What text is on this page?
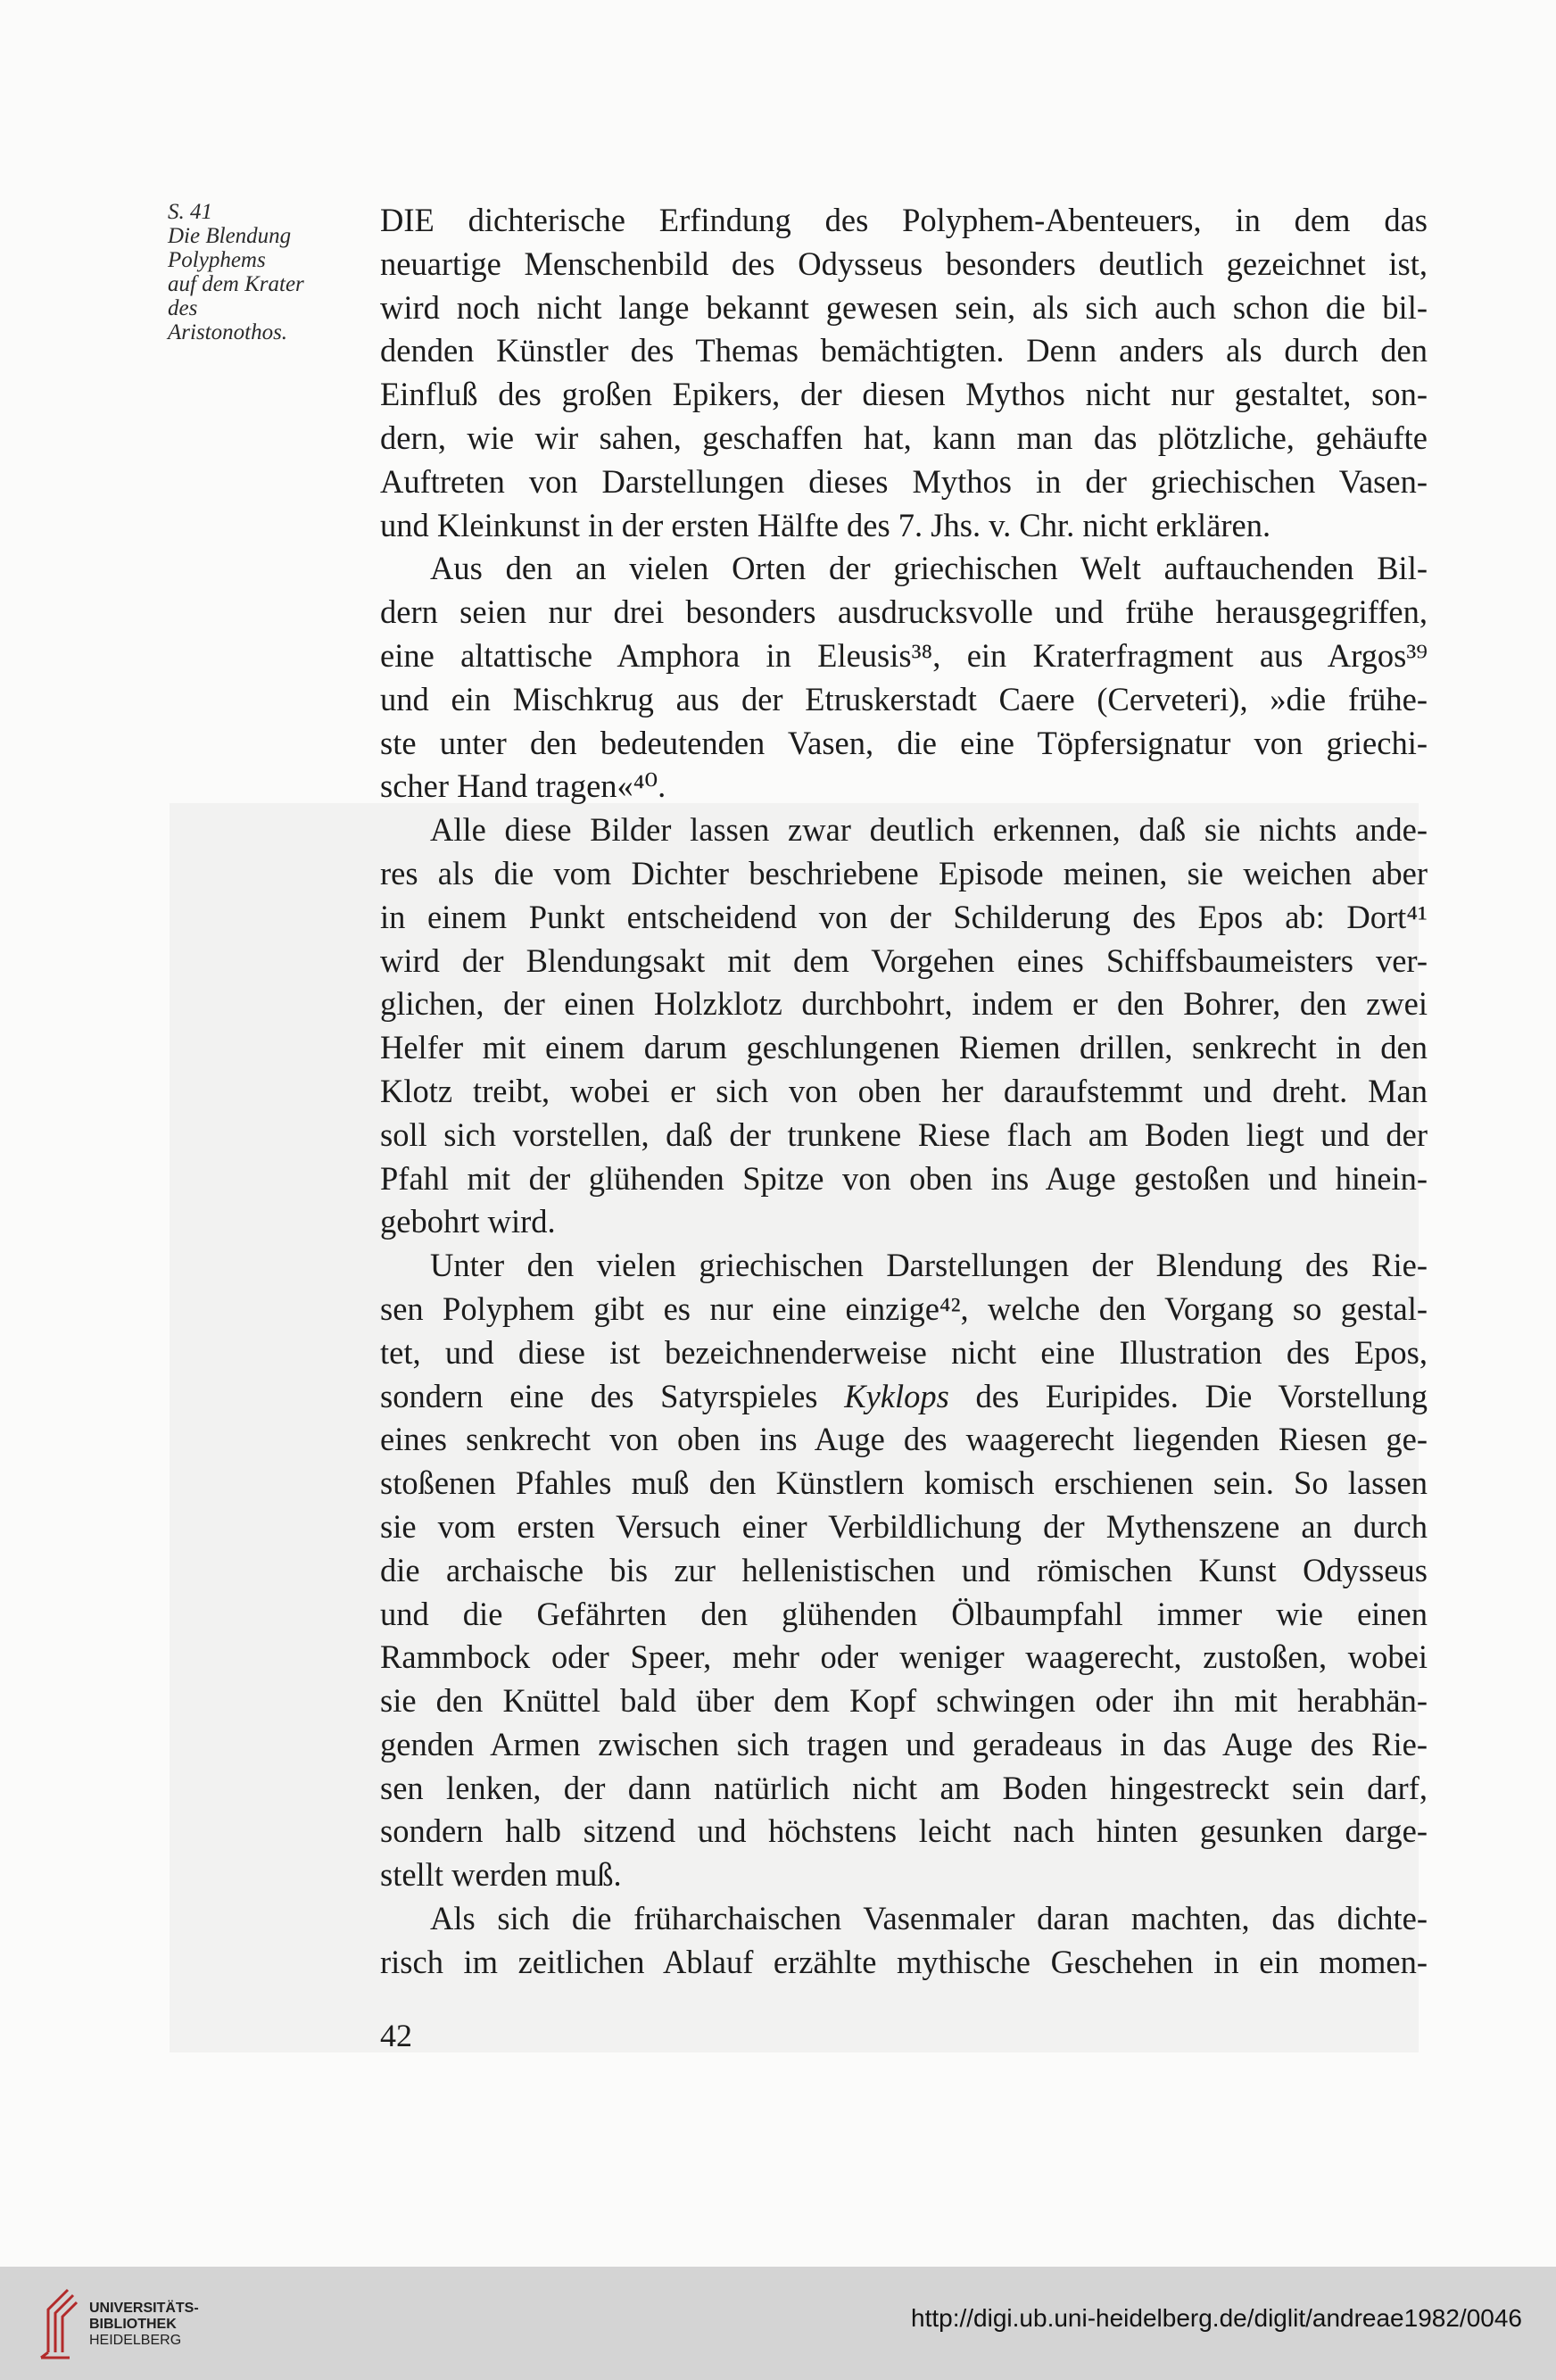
S. 41
Die Blendung
Polyphems
auf dem Krater
des
Aristonothos.

DIE dichterische Erfindung des Polyphem-Abenteuers, in dem das
neuartige Menschenbild des Odysseus besonders deutlich gezeichnet ist,
wird noch nicht lange bekannt gewesen sein, als sich auch schon die bil-
denden Künstler des Themas bemächtigten. Denn anders als durch den
Einfluß des großen Epikers, der diesen Mythos nicht nur gestaltet, son-
dern, wie wir sahen, geschaffen hat, kann man das plötzliche, gehäufte
Auftreten von Darstellungen dieses Mythos in der griechischen Vasen-
und Kleinkunst in der ersten Hälfte des 7. Jhs. v. Chr. nicht erklären.

Aus den an vielen Orten der griechischen Welt auftauchenden Bil-
dern seien nur drei besonders ausdrucksvolle und frühe herausgegriffen,
eine altattische Amphora in Eleusis³⁸, ein Kraterfragment aus Argos³⁹
und ein Mischkrug aus der Etruskerstadt Caere (Cerveteri), »die frühe-
ste unter den bedeutenden Vasen, die eine Töpfersignatur von griechi-
scher Hand tragen«⁴⁰.

Alle diese Bilder lassen zwar deutlich erkennen, daß sie nichts ande-
res als die vom Dichter beschriebene Episode meinen, sie weichen aber
in einem Punkt entscheidend von der Schilderung des Epos ab: Dort⁴¹
wird der Blendungsakt mit dem Vorgehen eines Schiffsbaumeisters ver-
glichen, der einen Holzklotz durchbohrt, indem er den Bohrer, den zwei
Helfer mit einem darum geschlungenen Riemen drillen, senkrecht in den
Klotz treibt, wobei er sich von oben her daraufstemmt und dreht. Man
soll sich vorstellen, daß der trunkene Riese flach am Boden liegt und der
Pfahl mit der glühenden Spitze von oben ins Auge gestoßen und hinein-
gebohrt wird.

Unter den vielen griechischen Darstellungen der Blendung des Rie-
sen Polyphem gibt es nur eine einzige⁴², welche den Vorgang so gestal-
tet, und diese ist bezeichnenderweise nicht eine Illustration des Epos,
sondern eine des Satyrspieles Kyklops des Euripides. Die Vorstellung
eines senkrecht von oben ins Auge des waagerecht liegenden Riesen ge-
stoßenen Pfahles muß den Künstlern komisch erschienen sein. So lassen
sie vom ersten Versuch einer Verbildlichung der Mythenszene an durch
die archaische bis zur hellenistischen und römischen Kunst Odysseus
und die Gefährten den glühenden Ölbaumpfahl immer wie einen
Rammbock oder Speer, mehr oder weniger waagerecht, zustoßen, wobei
sie den Knüttel bald über dem Kopf schwingen oder ihn mit herabhän-
genden Armen zwischen sich tragen und geradeaus in das Auge des Rie-
sen lenken, der dann natürlich nicht am Boden hingestreckt sein darf,
sondern halb sitzend und höchstens leicht nach hinten gesunken darge-
stellt werden muß.

Als sich die früharchaischen Vasenmaler daran machten, das dichte-
risch im zeitlichen Ablauf erzählte mythische Geschehen in ein momen-

42
UNIVERSITÄTS-
BIBLIOTHEK
HEIDELBERG
http://digi.ub.uni-heidelberg.de/diglit/andreae1982/0046
